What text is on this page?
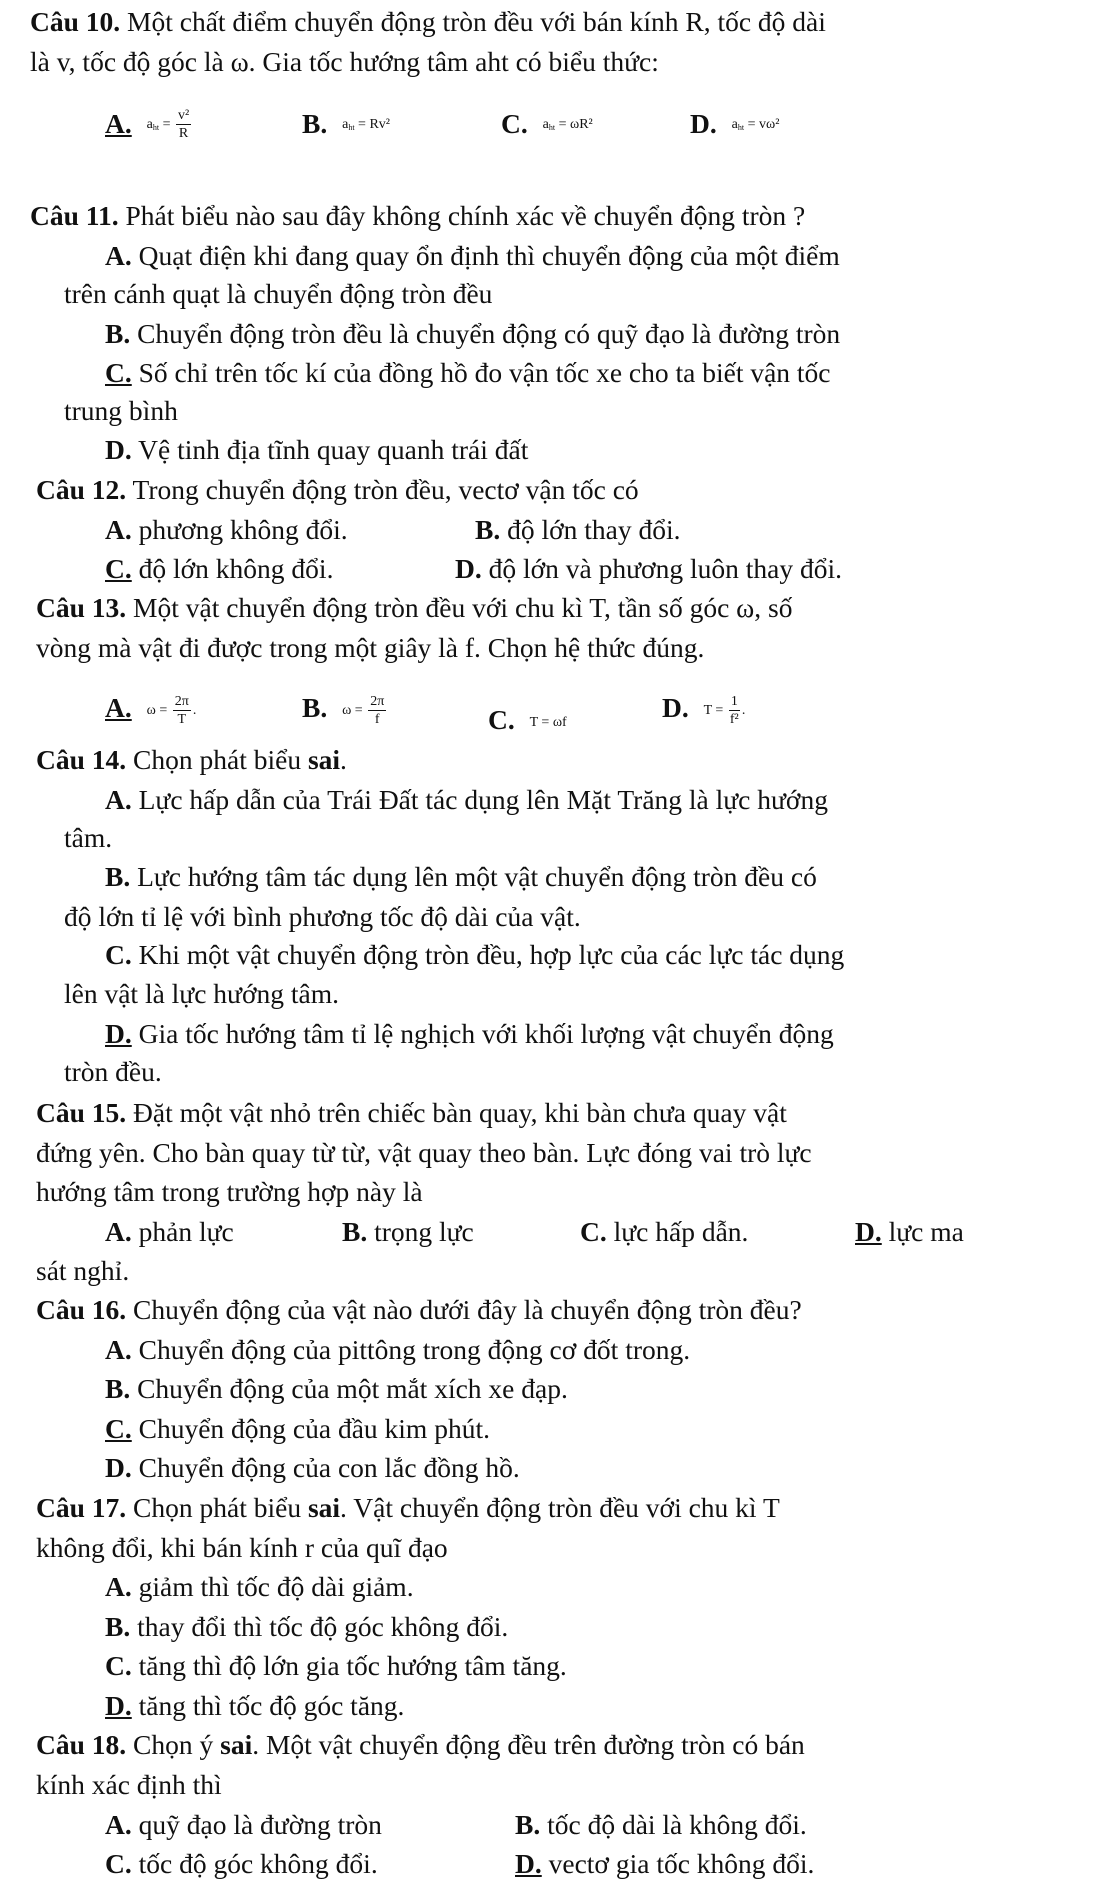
Câu 10. Một chất điểm chuyển động tròn đều với bán kính R, tốc độ dài

là v, tốc độ góc là ω. Gia tốc hướng tâm aht có biểu thức:

A. $a_{ht} = \frac{\text{v²}}{R}$	B. $a_{ht} = Rv^2$	C. $a_{ht} = \omega R^2$	D. $a_{ht} = v\omega^2$

Câu 11. Phát biểu nào sau đây không chính xác về chuyển động tròn ?

A. Quạt điện khi đang quay ổn định thì chuyển động của một điểm

trên cánh quạt là chuyển động tròn đều

B. Chuyển động tròn đều là chuyển động có quỹ đạo là đường tròn

C. Số chỉ trên tốc kí của đồng hồ đo vận tốc xe cho ta biết vận tốc

trung bình

D. Vệ tinh địa tĩnh quay quanh trái đất

Câu 12. Trong chuyển động tròn đều, vectơ vận tốc có

A. phương không đổi.	B. độ lớn thay đổi.
C. độ lớn không đổi.	D. độ lớn và phương luôn thay đổi.

Câu 13. Một vật chuyển động tròn đều với chu kì T, tần số góc ω, số

vòng mà vật đi được trong một giây là f. Chọn hệ thức đúng.

A. $\omega = \frac{2\pi}{T}$ .	B. $\omega = \frac{2\pi}{f}$	C. T = ωf	D. $T = \frac{1}{\text{f²}}$ .

Câu 14. Chọn phát biểu sai.

A. Lực hấp dẫn của Trái Đất tác dụng lên Mặt Trăng là lực hướng

tâm.

B. Lực hướng tâm tác dụng lên một vật chuyển động tròn đều có

độ lớn tỉ lệ với bình phương tốc độ dài của vật.

C. Khi một vật chuyển động tròn đều, hợp lực của các lực tác dụng

lên vật là lực hướng tâm.

D. Gia tốc hướng tâm tỉ lệ nghịch với khối lượng vật chuyển động

tròn đều.

Câu 15. Đặt một vật nhỏ trên chiếc bàn quay, khi bàn chưa quay vật

đứng yên. Cho bàn quay từ từ, vật quay theo bàn. Lực đóng vai trò lực

hướng tâm trong trường hợp này là

A. phản lực	B. trọng lực	C. lực hấp dẫn.	D. lực ma

sát nghỉ.

Câu 16. Chuyển động của vật nào dưới đây là chuyển động tròn đều?

A. Chuyển động của pittông trong động cơ đốt trong.

B. Chuyển động của một mắt xích xe đạp.

C. Chuyển động của đầu kim phút.

D. Chuyển động của con lắc đồng hồ.

Câu 17. Chọn phát biểu sai. Vật chuyển động tròn đều với chu kì T

không đổi, khi bán kính r của quĩ đạo

A. giảm thì tốc độ dài giảm.

B. thay đổi thì tốc độ góc không đổi.

C. tăng thì độ lớn gia tốc hướng tâm tăng.

D. tăng thì tốc độ góc tăng.

Câu 18. Chọn ý sai. Một vật chuyển động đều trên đường tròn có bán

kính xác định thì

A. quỹ đạo là đường tròn	B. tốc độ dài là không đổi.
C. tốc độ góc không đổi.	D. vectơ gia tốc không đổi.
